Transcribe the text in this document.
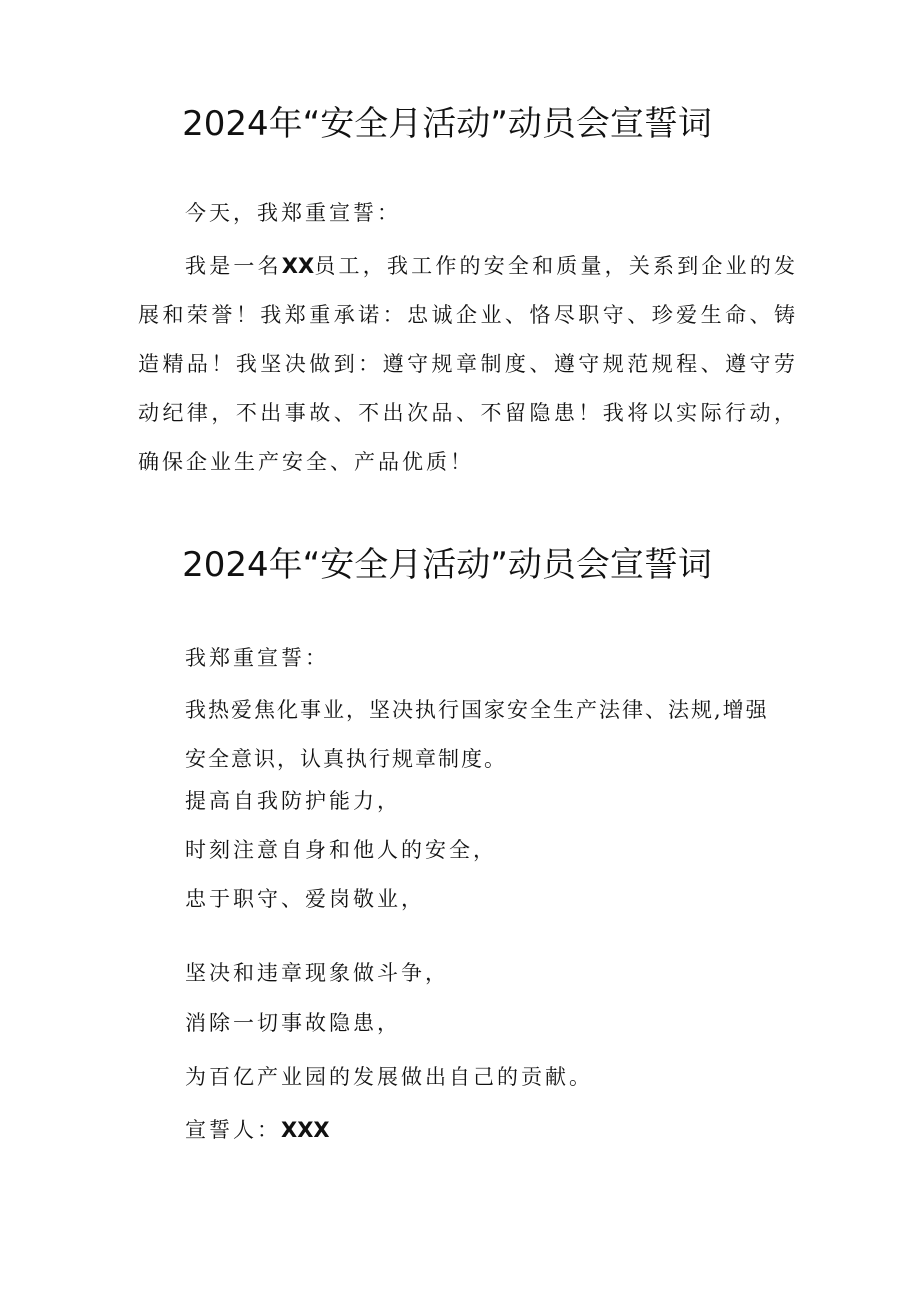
2024年“安全月活动”动员会宣誓词
今天，我郑重宣誓：
我是一名XX员工，我工作的安全和质量，关系到企业的发展和荣誉！我郑重承诺：忠诚企业、恪尽职守、珍爱生命、铸造精品！我坚决做到：遵守规章制度、遵守规范规程、遵守劳动纪律，不出事故、不出次品、不留隐患！我将以实际行动，确保企业生产安全、产品优质！
2024年“安全月活动”动员会宣誓词
我郑重宣誓：
我热爱焦化事业，坚决执行国家安全生产法律、法规,增强安全意识，认真执行规章制度。
提高自我防护能力，
时刻注意自身和他人的安全，
忠于职守、爱岗敬业，
坚决和违章现象做斗争，
消除一切事故隐患，
为百亿产业园的发展做出自己的贡献。
宣誓人：XXX
